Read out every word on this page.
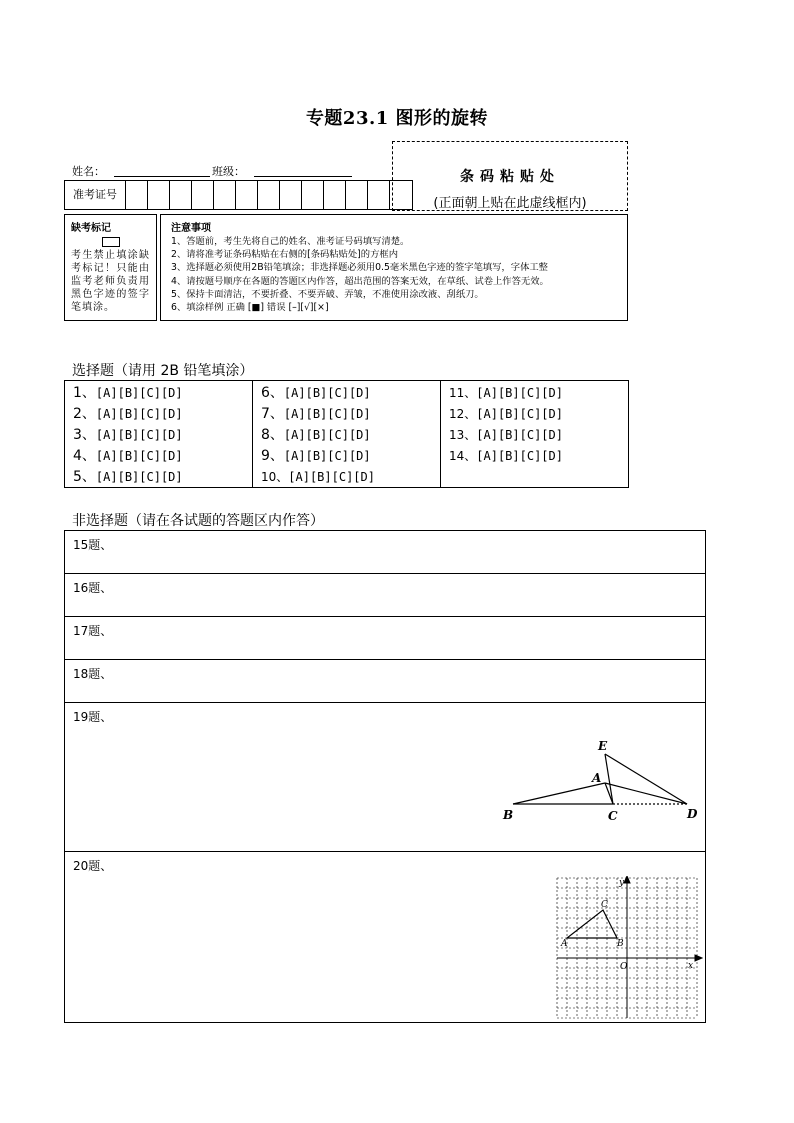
专题23.1 图形的旋转
姓名：	班级：	条码粘贴处
(正面朝上贴在此虚线框内)
准考证号
缺考标记
考生禁止填涂缺考标记！只能由监考老师负责用黑色字迹的签字笔填涂。
注意事项
1、答题前，考生先将自己的姓名、准考证号码填写清楚。
2、请将准考证条码粘贴在右侧的[条码粘贴处]的方框内
3、选择题必须使用2B铅笔填涂；非选择题必须用0.5毫米黑色字迹的签字笔填写，字体工整
4、请按题号顺序在各题的答题区内作答，超出范围的答案无效，在草纸、试卷上作答无效。
5、保持卡面清洁，不要折叠、不要弄破、弄皱，不准使用涂改液、刮纸刀。
6、填涂样例 正确 [■] 错误 [–][√][×]
选择题（请用 2B 铅笔填涂）
1、[A][B][C][D]
2、[A][B][C][D]
3、[A][B][C][D]
4、[A][B][C][D]
5、[A][B][C][D]
6、[A][B][C][D]
7、[A][B][C][D]
8、[A][B][C][D]
9、[A][B][C][D]
10、[A][B][C][D]
11、[A][B][C][D]
12、[A][B][C][D]
13、[A][B][C][D]
14、[A][B][C][D]
非选择题（请在各试题的答题区内作答）
15题、
16题、
17题、
18题、
19题、
E
A
B	C	D
20题、
y
x
O
A	B
C
